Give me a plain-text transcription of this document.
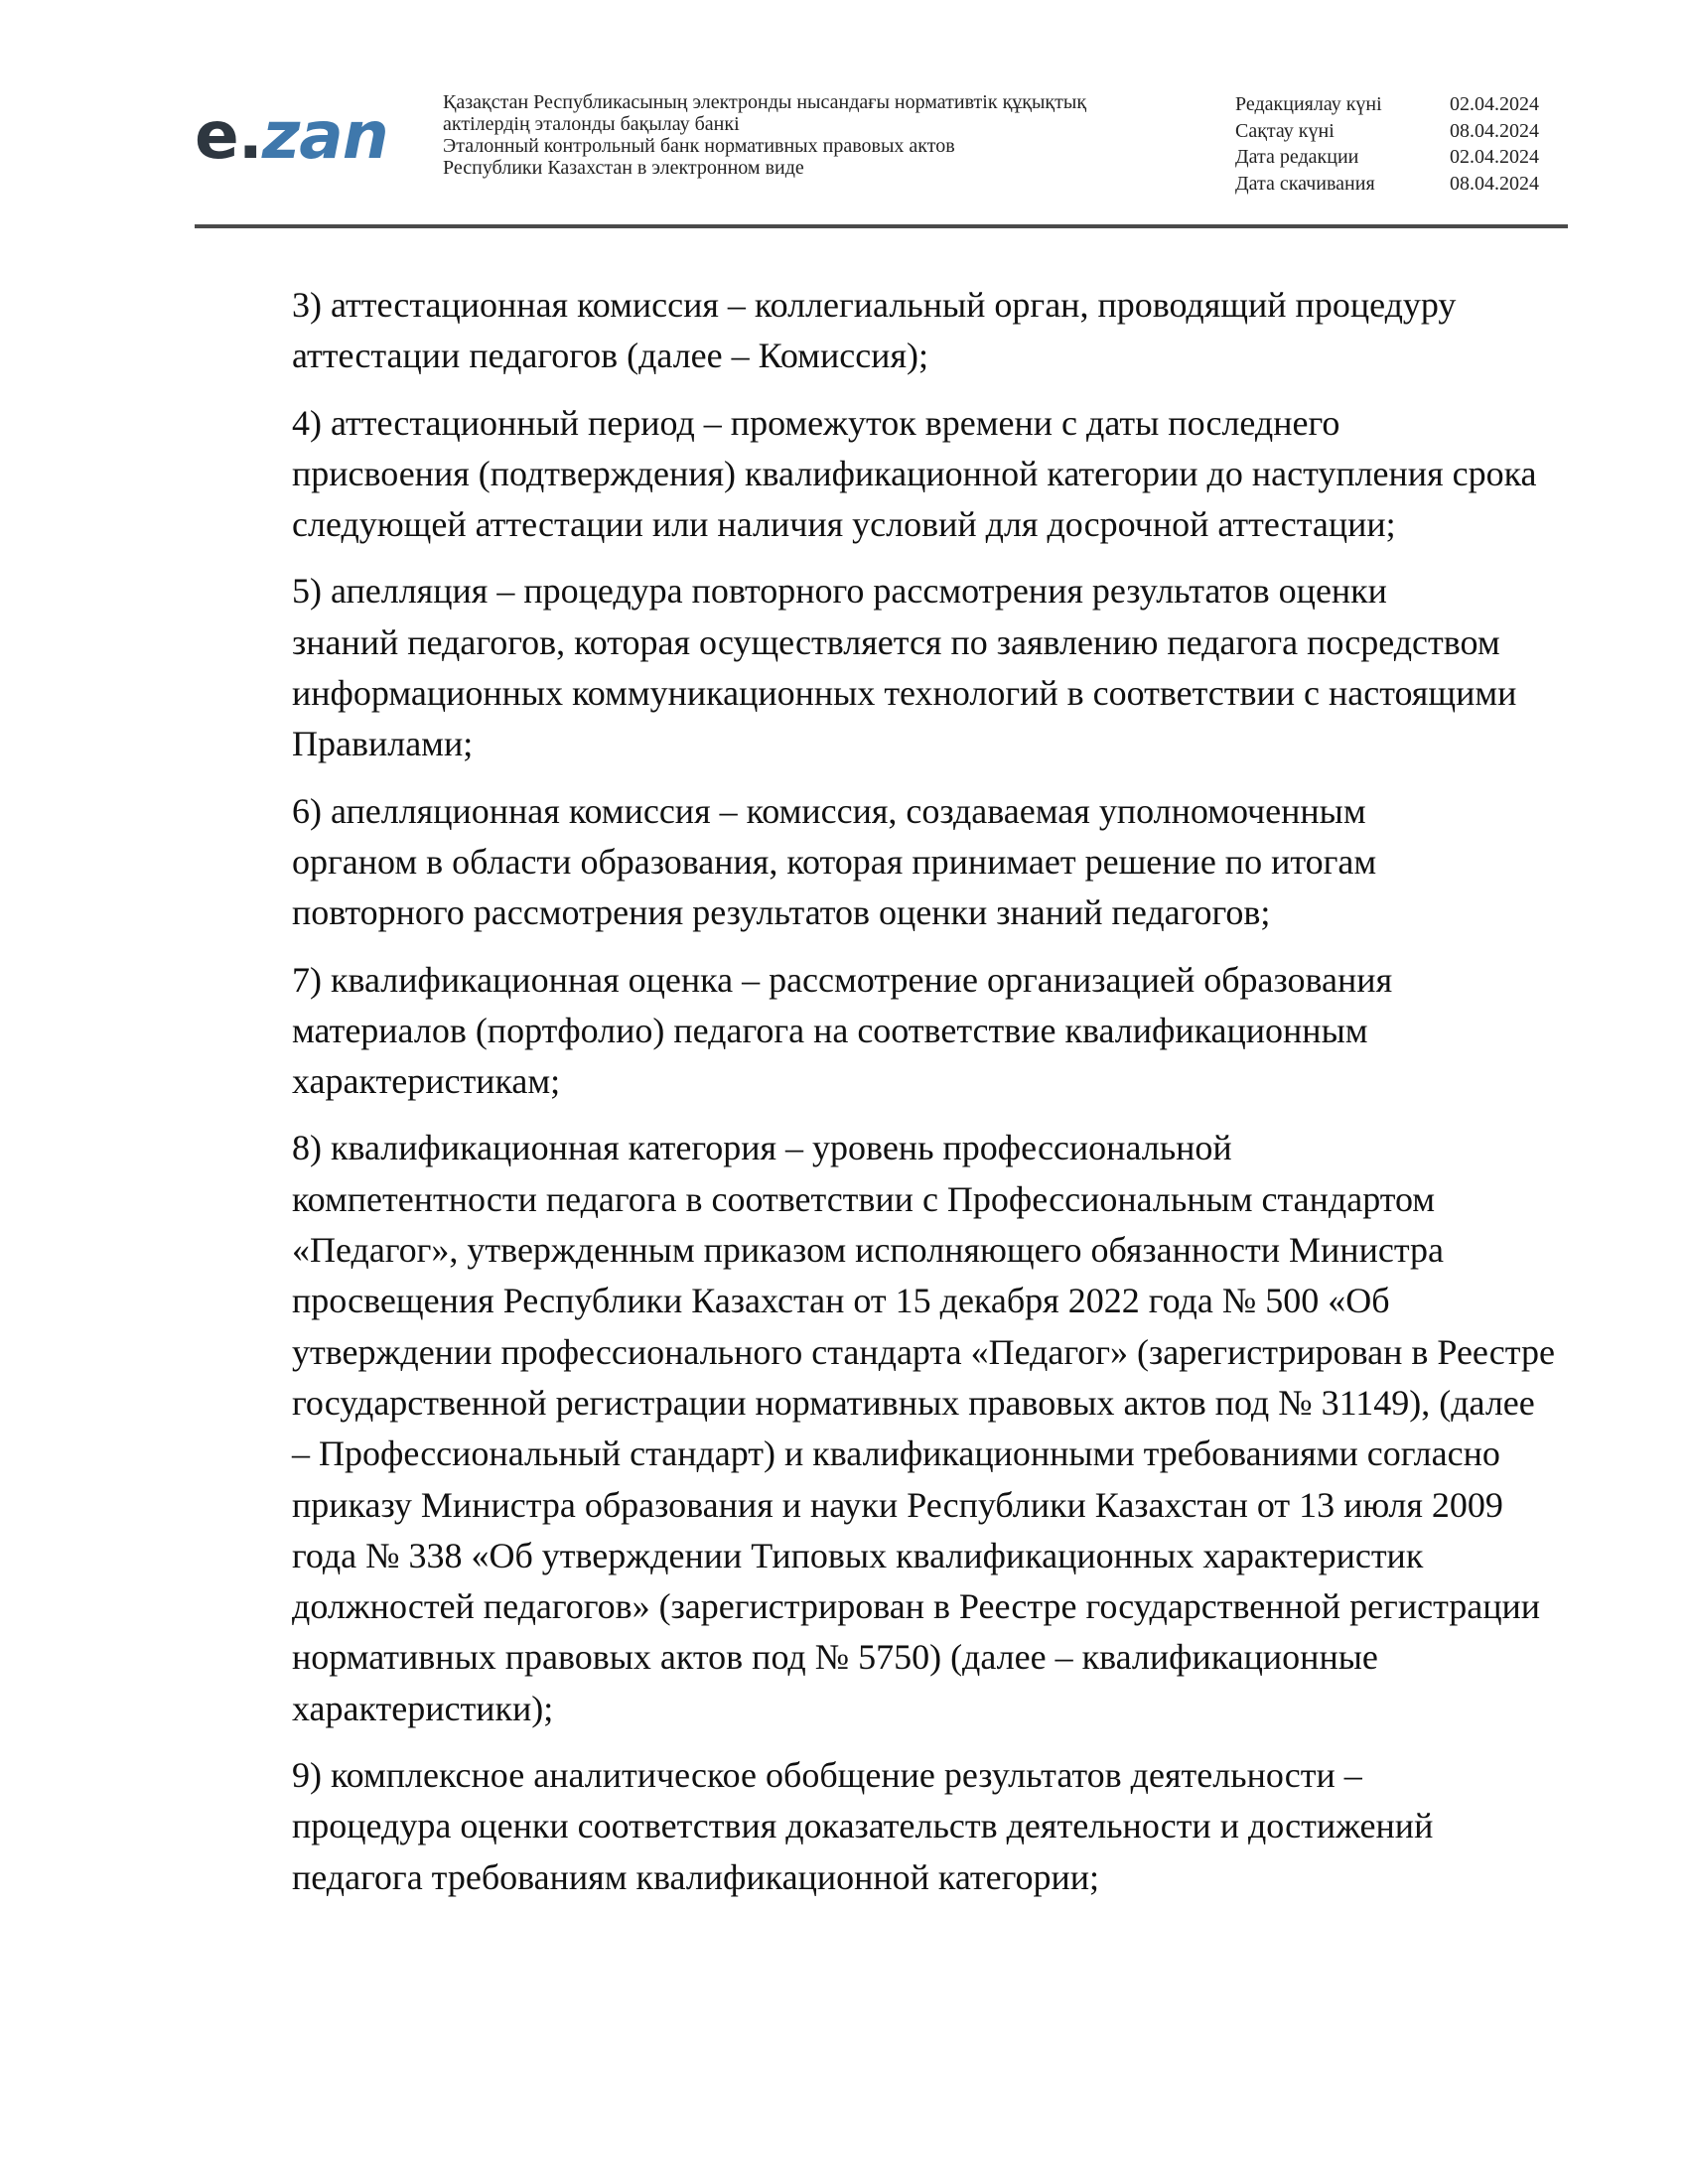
e. zan	Қазақстан Республикасының электронды нысандағы нормативтік құқықтық
актілердің эталонды бақылау банкі
Эталонный контрольный банк нормативных правовых актов
Республики Казахстан в электронном виде
Редакциялау күні	02.04.2024
Сақтау күні	08.04.2024
Дата редакции	02.04.2024
Дата скачивания	08.04.2024
3) аттестационная комиссия – коллегиальный орган, проводящий процедуру
аттестации педагогов (далее – Комиссия);
4) аттестационный период – промежуток времени с даты последнего
присвоения (подтверждения) квалификационной категории до наступления срока
следующей аттестации или наличия условий для досрочной аттестации;
5) апелляция – процедура повторного рассмотрения результатов оценки
знаний педагогов, которая осуществляется по заявлению педагога посредством
информационных коммуникационных технологий в соответствии с настоящими
Правилами;
6) апелляционная комиссия – комиссия, создаваемая уполномоченным
органом в области образования, которая принимает решение по итогам
повторного рассмотрения результатов оценки знаний педагогов;
7) квалификационная оценка – рассмотрение организацией образования
материалов (портфолио) педагога на соответствие квалификационным
характеристикам;
8) квалификационная категория – уровень профессиональной
компетентности педагога в соответствии с Профессиональным стандартом
«Педагог», утвержденным приказом исполняющего обязанности Министра
просвещения Республики Казахстан от 15 декабря 2022 года № 500 «Об
утверждении профессионального стандарта «Педагог» (зарегистрирован в Реестре
государственной регистрации нормативных правовых актов под № 31149), (далее
– Профессиональный стандарт) и квалификационными требованиями согласно
приказу Министра образования и науки Республики Казахстан от 13 июля 2009
года № 338 «Об утверждении Типовых квалификационных характеристик
должностей педагогов» (зарегистрирован в Реестре государственной регистрации
нормативных правовых актов под № 5750) (далее – квалификационные
характеристики);
9) комплексное аналитическое обобщение результатов деятельности –
процедура оценки соответствия доказательств деятельности и достижений
педагога требованиям квалификационной категории;
